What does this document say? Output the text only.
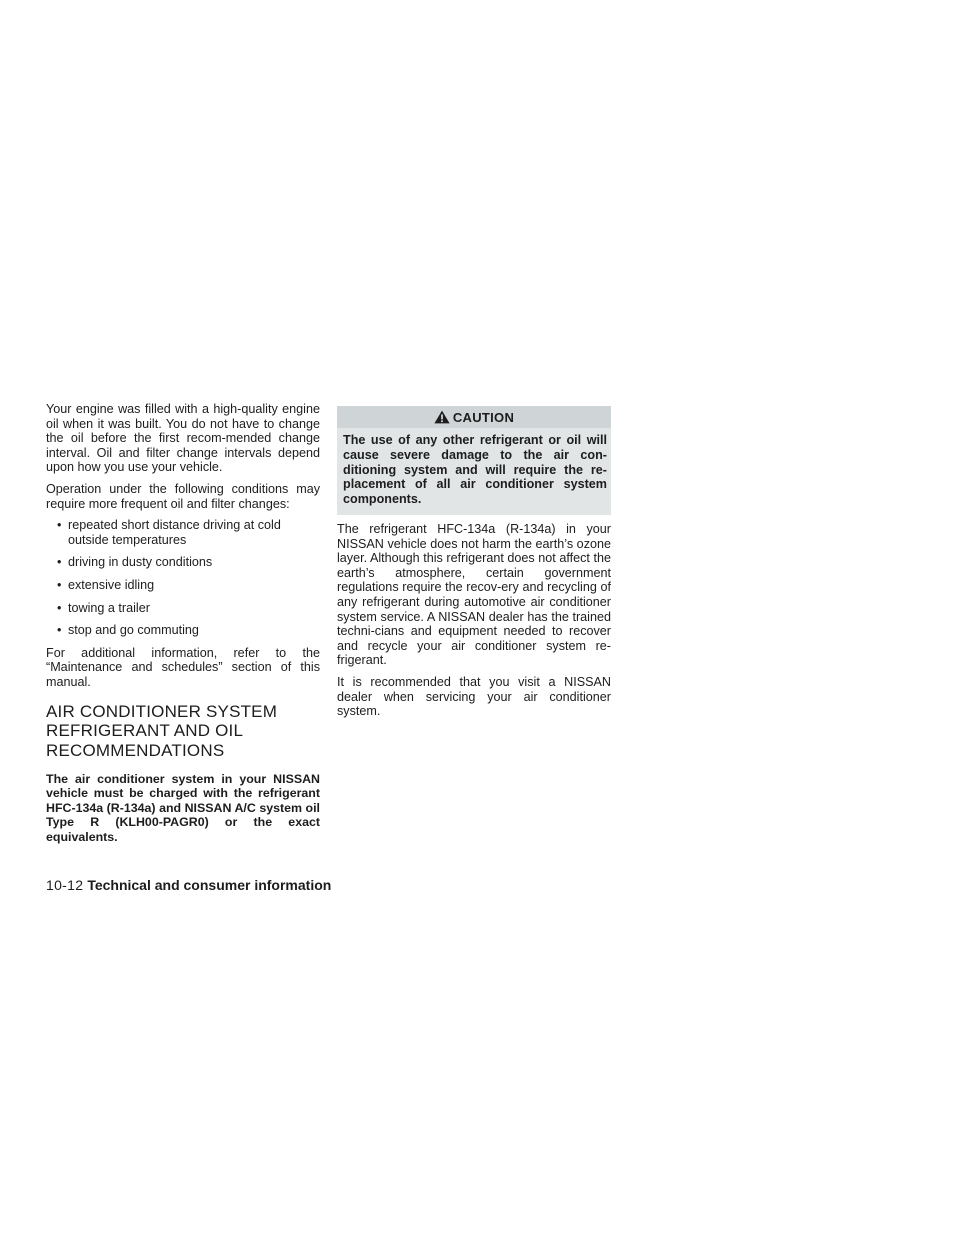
Your engine was filled with a high-quality engine oil when it was built. You do not have to change the oil before the first recom-mended change interval. Oil and filter change intervals depend upon how you use your vehicle.

Operation under the following conditions may require more frequent oil and filter changes:

• repeated short distance driving at cold outside temperatures
• driving in dusty conditions
• extensive idling
• towing a trailer
• stop and go commuting

For additional information, refer to the “Maintenance and schedules” section of this manual.

AIR CONDITIONER SYSTEM REFRIGERANT AND OIL RECOMMENDATIONS

The air conditioner system in your NISSAN vehicle must be charged with the refrigerant HFC-134a (R-134a) and NISSAN A/C system oil Type R (KLH00-PAGR0) or the exact equivalents.

CAUTION
The use of any other refrigerant or oil will cause severe damage to the air con-ditioning system and will require the re-placement of all air conditioner system components.

The refrigerant HFC-134a (R-134a) in your NISSAN vehicle does not harm the earth’s ozone layer. Although this refrigerant does not affect the earth’s atmosphere, certain government regulations require the recov-ery and recycling of any refrigerant during automotive air conditioner system service. A NISSAN dealer has the trained techni-cians and equipment needed to recover and recycle your air conditioner system re-frigerant.

It is recommended that you visit a NISSAN dealer when servicing your air conditioner system.

10-12 Technical and consumer information
